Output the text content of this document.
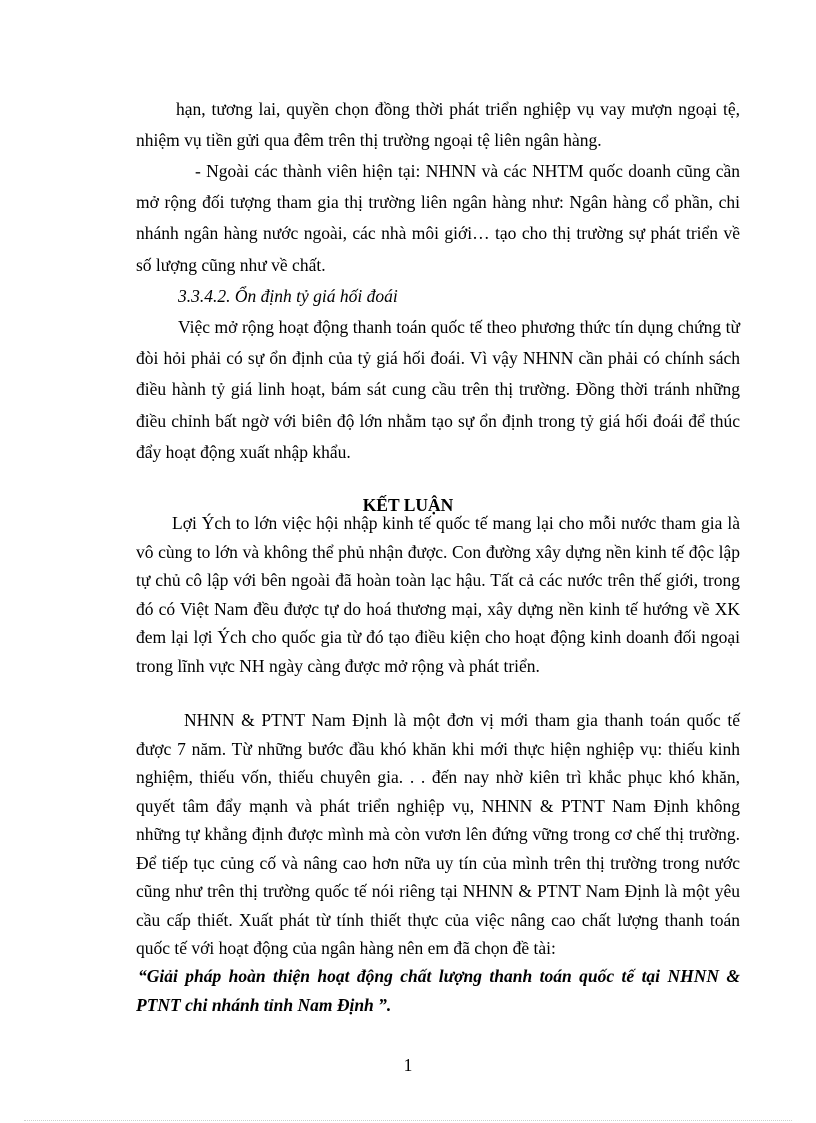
hạn, tương lai, quyền chọn đồng thời phát triển nghiệp vụ vay mượn ngoại tệ, nhiệm vụ tiền gửi qua đêm trên thị trường ngoại tệ liên ngân hàng.

- Ngoài các thành viên hiện tại: NHNN và các NHTM quốc doanh cũng cần mở rộng đối tượng tham gia thị trường liên ngân hàng như: Ngân hàng cổ phần, chi nhánh ngân hàng nước ngoài, các nhà môi giới… tạo cho thị trường sự phát triển về số lượng cũng như về chất.

3.3.4.2. Ổn định tỷ giá hối đoái

Việc mở rộng hoạt động thanh toán quốc tế theo phương thức tín dụng chứng từ đòi hỏi phải có sự ổn định của tỷ giá hối đoái. Vì vậy NHNN cần phải có chính sách điều hành tỷ giá linh hoạt, bám sát cung cầu trên thị trường. Đồng thời tránh những điều chỉnh bất ngờ với biên độ lớn nhằm tạo sự ổn định trong tỷ giá hối đoái để thúc đẩy hoạt động xuất nhập khẩu.

KẾT LUẬN

Lợi Ých to lớn việc hội nhập kinh tế quốc tế mang lại cho mỗi nước tham gia là vô cùng to lớn và không thể phủ nhận được. Con đường xây dựng nền kinh tế độc lập tự chủ cô lập với bên ngoài đã hoàn toàn lạc hậu. Tất cả các nước trên thế giới, trong đó có Việt Nam đều được tự do hoá thương mại, xây dựng nền kinh tế hướng về XK đem lại lợi Ých cho quốc gia từ đó tạo điều kiện cho hoạt động kinh doanh đối ngoại trong lĩnh vực NH ngày càng được mở rộng và phát triển.

NHNN & PTNT Nam Định là một đơn vị mới tham gia thanh toán quốc tế được 7 năm. Từ những bước đầu khó khăn khi mới thực hiện nghiệp vụ: thiếu kinh nghiệm, thiếu vốn, thiếu chuyên gia. . . đến nay nhờ kiên trì khắc phục khó khăn, quyết tâm đẩy mạnh và phát triển nghiệp vụ, NHNN & PTNT Nam Định không những tự khẳng định được mình mà còn vươn lên đứng vững trong cơ chế thị trường. Để tiếp tục củng cố và nâng cao hơn nữa uy tín của mình trên thị trường trong nước cũng như trên thị trường quốc tế nói riêng tại NHNN & PTNT Nam Định là một yêu cầu cấp thiết. Xuất phát từ tính thiết thực của việc nâng cao chất lượng thanh toán quốc tế với hoạt động của ngân hàng nên em đã chọn đề tài:

“Giải pháp hoàn thiện hoạt động chất lượng thanh toán quốc tế tại NHNN & PTNT chi nhánh tỉnh Nam Định ”.

1
